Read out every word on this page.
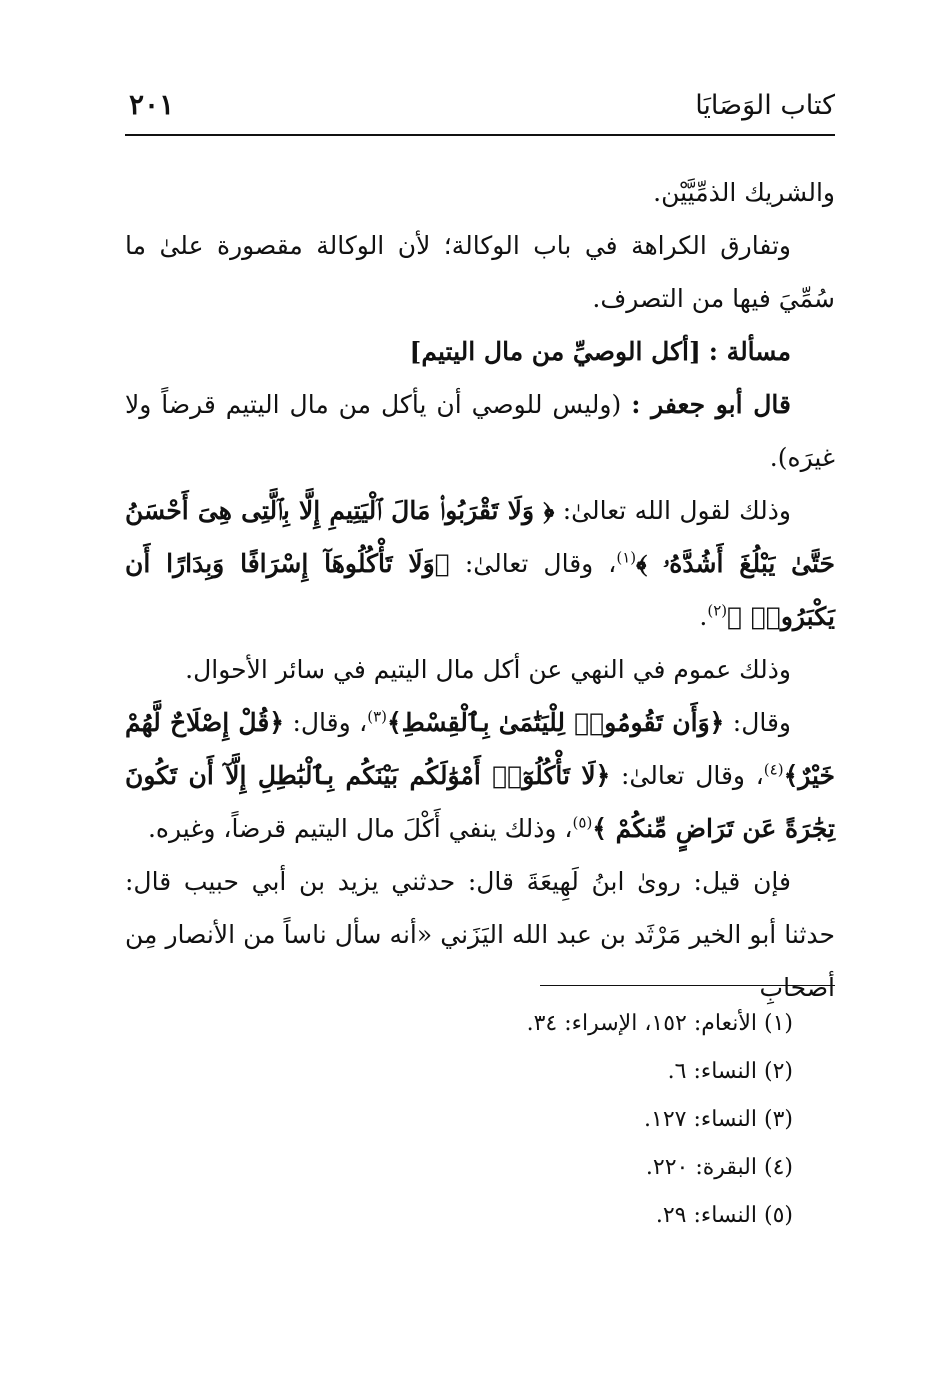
كتاب الوَصَايَا
٢٠١

والشريك الذمِّيَّيْن.

وتفارق الكراهة في باب الوكالة؛ لأن الوكالة مقصورة علىٰ ما سُمِّيَ فيها من التصرف.

مسألة : [أكل الوصيِّ من مال اليتيم]

قال أبو جعفر : (وليس للوصي أن يأكل من مال اليتيم قرضاً ولا غيرَه).

وذلك لقول الله تعالىٰ: ﴿ وَلَا تَقْرَبُوا۟ مَالَ ٱلْيَتِيمِ إِلَّا بِٱلَّتِى هِىَ أَحْسَنُ حَتَّىٰ يَبْلُغَ أَشُدَّهُۥ ﴾$^{(١)}$، وقال تعالىٰ: ﴿وَلَا تَأْكُلُوهَآ إِسْرَافًا وَبِدَارًا أَن يَكْبَرُوا۟ ﴾$^{(٢)}$.

وذلك عموم في النهي عن أكل مال اليتيم في سائر الأحوال.

وقال: ﴿وَأَن تَقُومُوا۟ لِلْيَتَٰمَىٰ بِٱلْقِسْطِ﴾$^{(٣)}$، وقال: ﴿قُلْ إِصْلَاحٌ لَّهُمْ خَيْرٌ﴾$^{(٤)}$، وقال تعالىٰ: ﴿لَا تَأْكُلُوٓا۟ أَمْوَٰلَكُم بَيْنَكُم بِٱلْبَٰطِلِ إِلَّآ أَن تَكُونَ تِجَٰرَةً عَن تَرَاضٍ مِّنكُمْ ﴾$^{(٥)}$، وذلك ينفي أَكْلَ مال اليتيم قرضاً، وغيره.

فإن قيل: روىٰ ابنُ لَهِيعَةَ قال: حدثني يزيد بن أبي حبيب قال: حدثنا أبو الخير مَرْثَد بن عبد الله اليَزَني «أنه سأل ناساً من الأنصار مِن أصحابِ

(١) الأنعام: ١٥٢، الإسراء: ٣٤.

(٢) النساء: ٦.

(٣) النساء: ١٢٧.

(٤) البقرة: ٢٢٠.

(٥) النساء: ٢٩.
